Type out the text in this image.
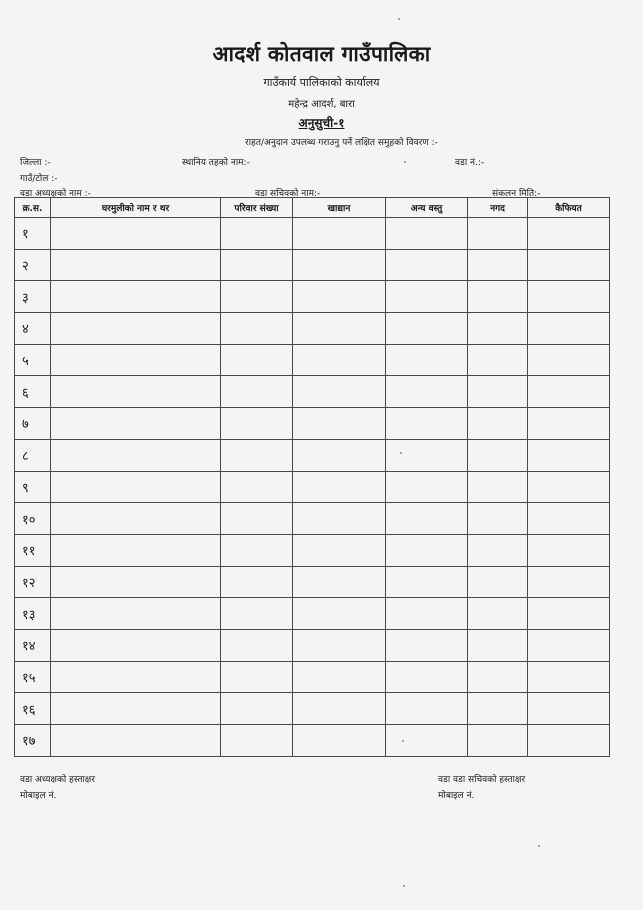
आदर्श कोतवाल गाउँपालिका
गाउँकार्य पालिकाको कार्यालय
महेन्द्र आदर्श, बारा
अनुसुची-१
राहत/अनुदान उपलब्ध गराउनु पर्ने लक्षित समुहको विवरण :-
जिल्ला :-	स्थानिय तहको नाम:-	वडा नं.:-
गाउँ/टोल :-
वडा अध्यक्षको नाम :-	वडा सचिवको नाम:-	संकलन मिति:-
क्र.स.	घरमुलीको नाम र थर	परिवार संख्या	खाद्यान	अन्य वस्तु	नगद	कैफियत
१						
२						
३						
४						
५						
६						
७						
८						
९						
१०						
११						
१२						
१३						
१४						
१५						
१६						
१७						
वडा अध्यक्षको हस्ताक्षर
मोबाइल नं.
वडा वडा सचिवको हस्ताक्षर
मोबाइल नं.
